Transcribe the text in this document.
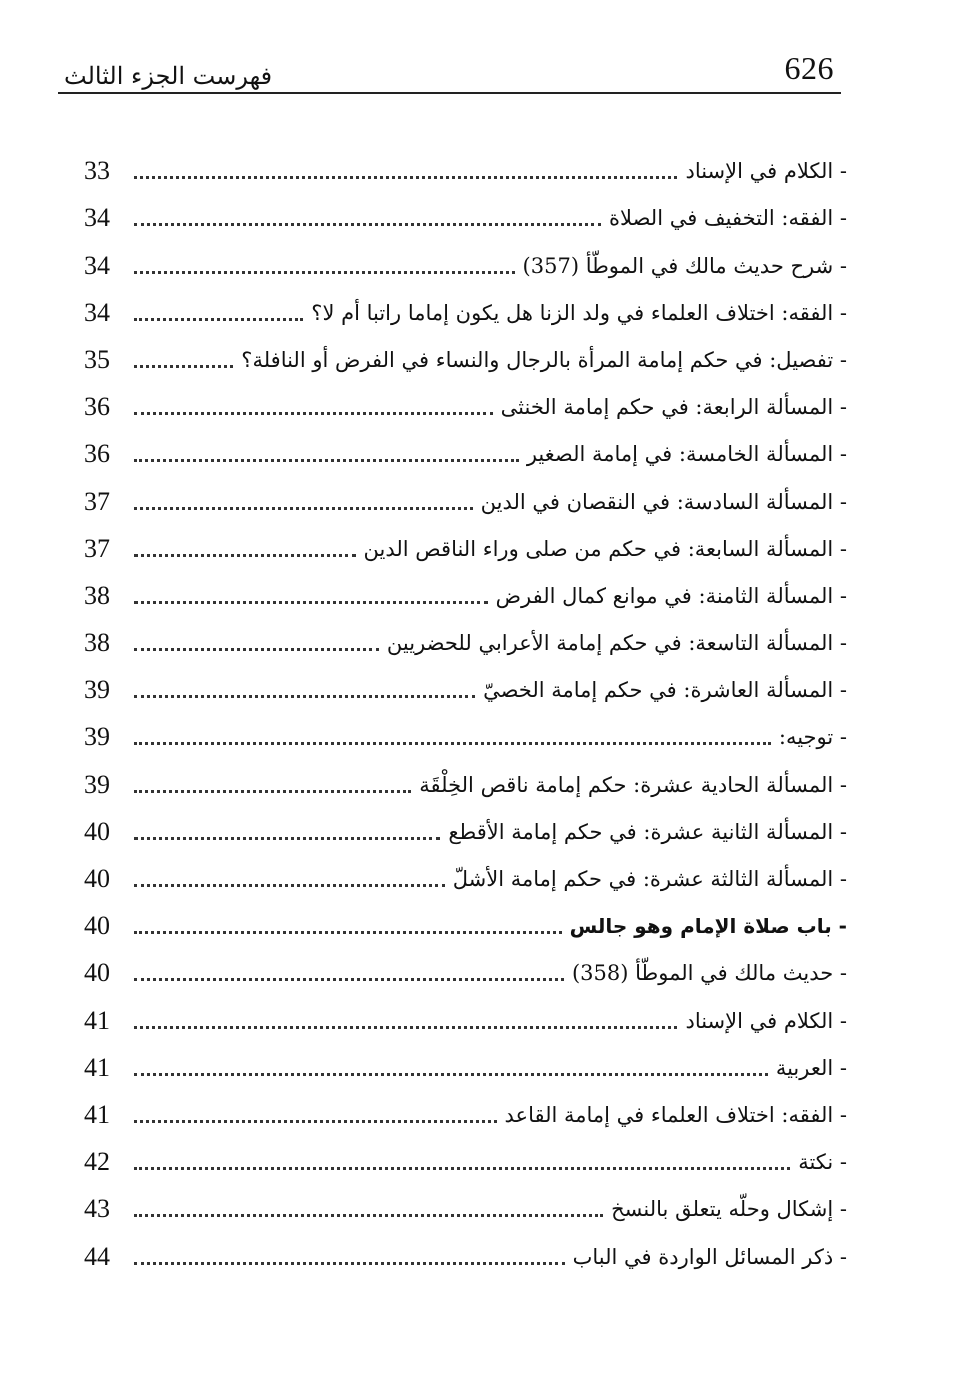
فهرست الجزء الثالث	626
- الكلام في الإسناد
33
- الفقه: التخفيف في الصلاة
34
- شرح حديث مالك في الموطّأ (357)
34
- الفقه: اختلاف العلماء في ولد الزنا هل يكون إماما راتبا أم لا؟
34
- تفصيل: في حكم إمامة المرأة بالرجال والنساء في الفرض أو النافلة؟
35
- المسألة الرابعة: في حكم إمامة الخنثى
36
- المسألة الخامسة: في إمامة الصغير
36
- المسألة السادسة: في النقصان في الدين
37
- المسألة السابعة: في حكم من صلى وراء الناقص الدين
37
- المسألة الثامنة: في موانع كمال الفرض
38
- المسألة التاسعة: في حكم إمامة الأعرابي للحضريين
38
- المسألة العاشرة: في حكم إمامة الخصيّ
39
- توجيه:
39
- المسألة الحادية عشرة: حكم إمامة ناقص الخِلْقَة
39
- المسألة الثانية عشرة: في حكم إمامة الأقطع
40
- المسألة الثالثة عشرة: في حكم إمامة الأشلّ
40
- باب صلاة الإمام وهو جالس
40
- حديث مالك في الموطّأ (358)
40
- الكلام في الإسناد
41
- العربية
41
- الفقه: اختلاف العلماء في إمامة القاعد
41
- نكتة
42
- إشكال وحلّه يتعلق بالنسخ
43
- ذكر المسائل الواردة في الباب
44
